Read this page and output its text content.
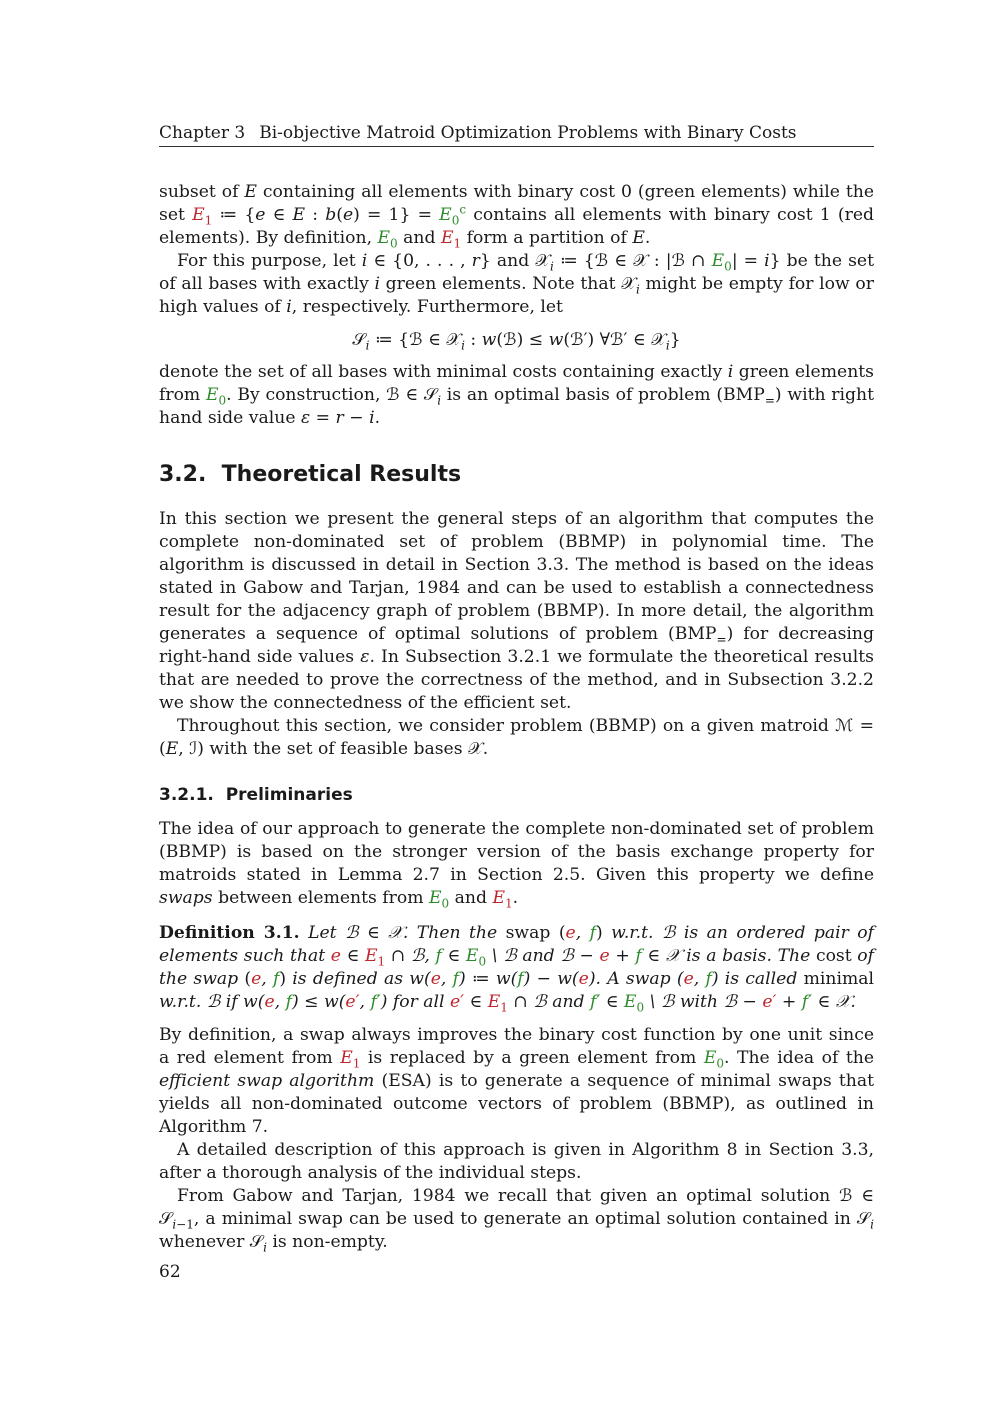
Chapter 3 Bi-objective Matroid Optimization Problems with Binary Costs

subset of E containing all elements with binary cost 0 (green elements) while the set $E_1$ ≔ {e ∈ E : $b(e) = 1\} = E_0^c$ contains all elements with binary cost 1 (red elements). By definition, $E_0$ and $E_1$ form a partition of E.

For this purpose, let i ∈ {0, . . . , r} and 𝒳$_i$ ≔ {ℬ ∈ 𝒳 : |ℬ ∩ $E_0| = i$} be the set of all bases with exactly i green elements. Note that 𝒳$_i$ might be empty for low or high values of i, respectively. Furthermore, let

𝒮$_i$ ≔ {ℬ ∈ 𝒳$_i$ : w(ℬ) ≤ w(ℬ′) ∀ℬ′ ∈ 𝒳$_i$}

denote the set of all bases with minimal costs containing exactly i green elements from $E_0$. By construction, ℬ ∈ 𝒮$_i$ is an optimal basis of problem $(BMP_=)$ with right hand side value ε = r − i.

3.2. Theoretical Results

In this section we present the general steps of an algorithm that computes the complete non-dominated set of problem (BBMP) in polynomial time. The algorithm is discussed in detail in Section 3.3. The method is based on the ideas stated in Gabow and Tarjan, 1984 and can be used to establish a connectedness result for the adjacency graph of problem (BBMP). In more detail, the algorithm generates a sequence of optimal solutions of problem $(BMP_=)$ for decreasing right-hand side values ε. In Subsection 3.2.1 we formulate the theoretical results that are needed to prove the correctness of the method, and in Subsection 3.2.2 we show the connectedness of the efficient set.

Throughout this section, we consider problem (BBMP) on a given matroid ℳ = (E, ℐ) with the set of feasible bases 𝒳.

3.2.1. Preliminaries

The idea of our approach to generate the complete non-dominated set of problem (BBMP) is based on the stronger version of the basis exchange property for matroids stated in Lemma 2.7 in Section 2.5. Given this property we define swaps between elements from $E_0$ and $E_1$.

Definition 3.1. Let ℬ ∈ 𝒳. Then the swap (e, f) w.r.t. ℬ is an ordered pair of elements such that e ∈ $E_1$ ∩ ℬ, f ∈ $E_0$ \ ℬ and ℬ − e + f ∈ 𝒳 is a basis. The cost of the swap (e, f) is defined as w(e, f) ≔ w(f) − w(e). A swap (e, f) is called minimal w.r.t. ℬ if w(e, f) ≤ w(e′, f′) for all e′ ∈ $E_1$ ∩ ℬ and f′ ∈ $E_0$ \ ℬ with ℬ − e′ + f′ ∈ 𝒳.

By definition, a swap always improves the binary cost function by one unit since a red element from $E_1$ is replaced by a green element from $E_0$. The idea of the efficient swap algorithm (ESA) is to generate a sequence of minimal swaps that yields all non-dominated outcome vectors of problem (BBMP), as outlined in Algorithm 7.

A detailed description of this approach is given in Algorithm 8 in Section 3.3, after a thorough analysis of the individual steps.

From Gabow and Tarjan, 1984 we recall that given an optimal solution ℬ ∈ 𝒮$_{i-1}$, a minimal swap can be used to generate an optimal solution contained in 𝒮$_i$ whenever 𝒮$_i$ is non-empty.

62
